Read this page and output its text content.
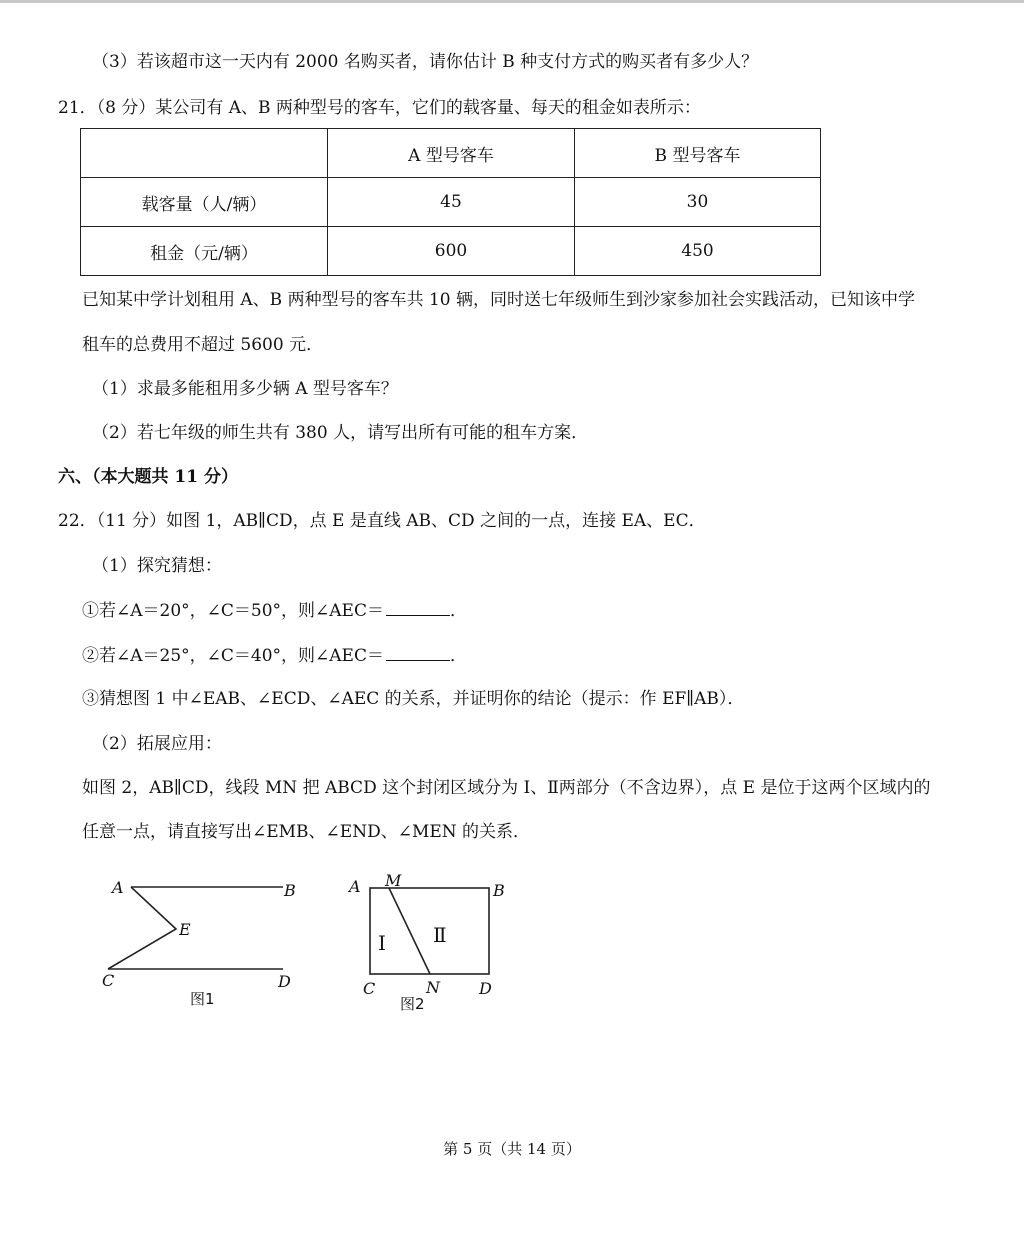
（3）若该超市这一天内有 2000 名购买者，请你估计 B 种支付方式的购买者有多少人？
21．（8 分）某公司有 A、B 两种型号的客车，它们的载客量、每天的租金如表所示：
	A 型号客车	B 型号客车
载客量（人/辆）	45	30
租金（元/辆）	600	450
已知某中学计划租用 A、B 两种型号的客车共 10 辆，同时送七年级师生到沙家参加社会实践活动，已知该中学
租车的总费用不超过 5600 元．
（1）求最多能租用多少辆 A 型号客车？
（2）若七年级的师生共有 380 人，请写出所有可能的租车方案．
六、（本大题共 11 分）
22．（11 分）如图 1，AB∥CD，点 E 是直线 AB、CD 之间的一点，连接 EA、EC．
（1）探究猜想：
①若∠A＝20°，∠C＝50°，则∠AEC＝	．
②若∠A＝25°，∠C＝40°，则∠AEC＝	．
③猜想图 1 中∠EAB、∠ECD、∠AEC 的关系，并证明你的结论（提示：作 EF∥AB）．
（2）拓展应用：
如图 2，AB∥CD，线段 MN 把 ABCD 这个封闭区域分为 I、Ⅱ两部分（不含边界），点 E 是位于这两个区域内的
任意一点，请直接写出∠EMB、∠END、∠MEN 的关系．
A	B
E
C	D
图1
A M
B
C	N D
I Ⅱ
图2
第 5 页（共 14 页）
